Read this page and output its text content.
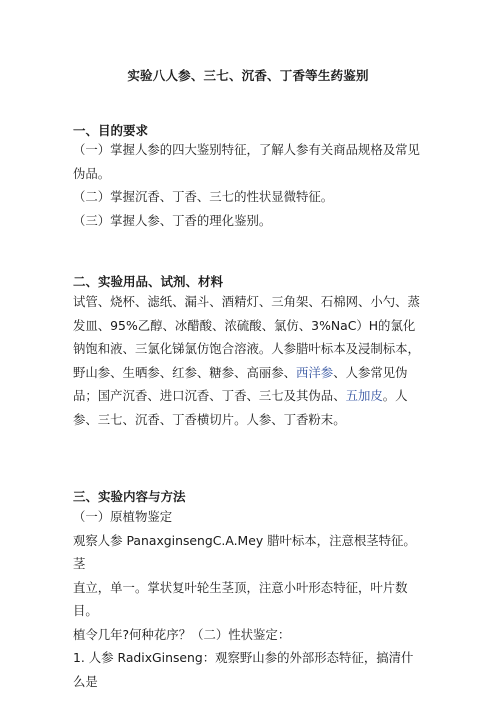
实验八人参、三七、沉香、丁香等生药鉴别
一、目的要求
（一）掌握人参的四大鉴别特征，了解人参有关商品规格及常见
伪品。
（二）掌握沉香、丁香、三七的性状显微特征。
（三）掌握人参、丁香的理化鉴别。
二、实验用品、试剂、材料
试管、烧杯、滤纸、漏斗、酒精灯、三角架、石棉网、小勺、蒸
发皿、95%乙醇、冰醋酸、浓硫酸、氯仿、3%NaC）H的氯化
钠饱和液、三氯化锑氯仿饱合溶液。人参腊叶标本及浸制标本，
野山参、生晒参、红参、糖参、高丽参、西洋参、人参常见伪
品；国产沉香、进口沉香、丁香、三七及其伪品、五加皮。人
参、三七、沉香、丁香横切片。人参、丁香粉末。
三、实验内容与方法
（一）原植物鉴定
观察人参 PanaxginsengC.A.Mey 腊叶标本，注意根茎特征。茎
直立，单一。掌状复叶轮生茎顶，注意小叶形态特征，叶片数目。
植令几年?何种花序？（二）性状鉴定：
1. 人参 RadixGinseng：观察野山参的外部形态特征，搞清什么是
